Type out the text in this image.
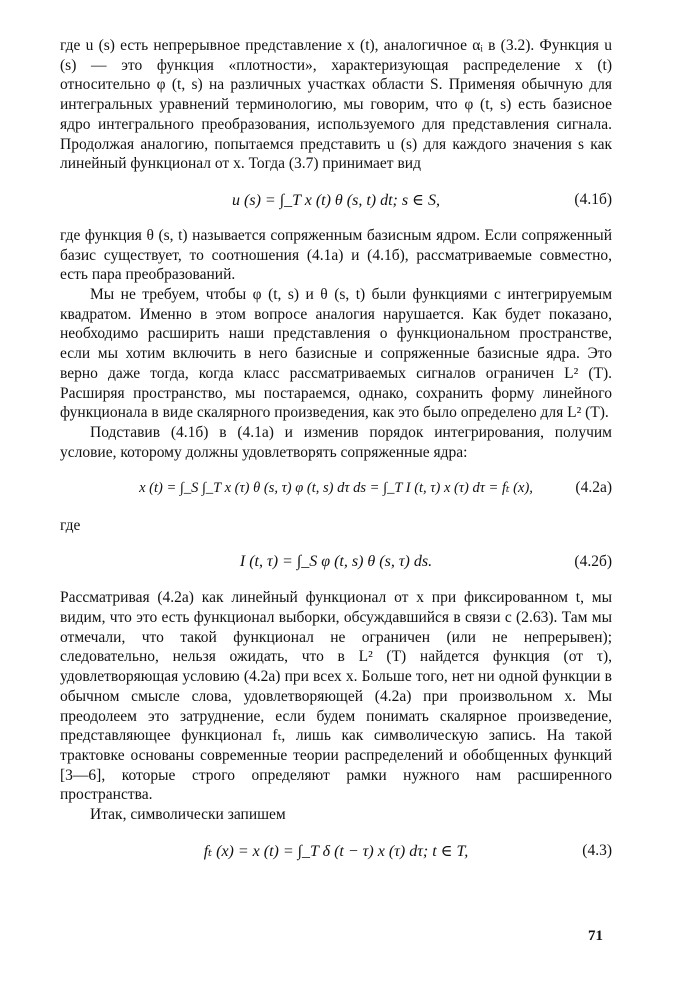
где u (s) есть непрерывное представление x (t), аналогичное αᵢ в (3.2). Функция u (s) — это функция «плотности», характеризующая распределение x (t) относительно φ (t, s) на различных участках области S. Применяя обычную для интегральных уравнений терминологию, мы говорим, что φ (t, s) есть базисное ядро интегрального преобразования, используемого для представления сигнала. Продолжая аналогию, попытаемся представить u (s) для каждого значения s как линейный функционал от x. Тогда (3.7) принимает вид

u (s) = ∫_T x (t) θ (s, t) dt; s ∈ S,	(4.1б)

где функция θ (s, t) называется сопряженным базисным ядром. Если сопряженный базис существует, то соотношения (4.1а) и (4.1б), рассматриваемые совместно, есть пара преобразований.

Мы не требуем, чтобы φ (t, s) и θ (s, t) были функциями с интегрируемым квадратом. Именно в этом вопросе аналогия нарушается. Как будет показано, необходимо расширить наши представления о функциональном пространстве, если мы хотим включить в него базисные и сопряженные базисные ядра. Это верно даже тогда, когда класс рассматриваемых сигналов ограничен L² (T). Расширяя пространство, мы постараемся, однако, сохранить форму линейного функционала в виде скалярного произведения, как это было определено для L² (T).

Подставив (4.1б) в (4.1а) и изменив порядок интегрирования, получим условие, которому должны удовлетворять сопряженные ядра:

x (t) = ∫_S ∫_T x (τ) θ (s, τ) φ (t, s) dτ ds = ∫_T I (t, τ) x (τ) dτ = fₜ (x),	(4.2а)
где
I (t, τ) = ∫_S φ (t, s) θ (s, τ) ds.	(4.2б)

Рассматривая (4.2а) как линейный функционал от x при фиксированном t, мы видим, что это есть функционал выборки, обсуждавшийся в связи с (2.63). Там мы отмечали, что такой функционал не ограничен (или не непрерывен); следовательно, нельзя ожидать, что в L² (T) найдется функция (от τ), удовлетворяющая условию (4.2а) при всех x. Больше того, нет ни одной функции в обычном смысле слова, удовлетворяющей (4.2а) при произвольном x. Мы преодолеем это затруднение, если будем понимать скалярное произведение, представляющее функционал fₜ, лишь как символическую запись. На такой трактовке основаны современные теории распределений и обобщенных функций [3—6], которые строго определяют рамки нужного нам расширенного пространства.

Итак, символически запишем

fₜ (x) = x (t) = ∫_T δ (t − τ) x (τ) dτ; t ∈ T,	(4.3)
71
